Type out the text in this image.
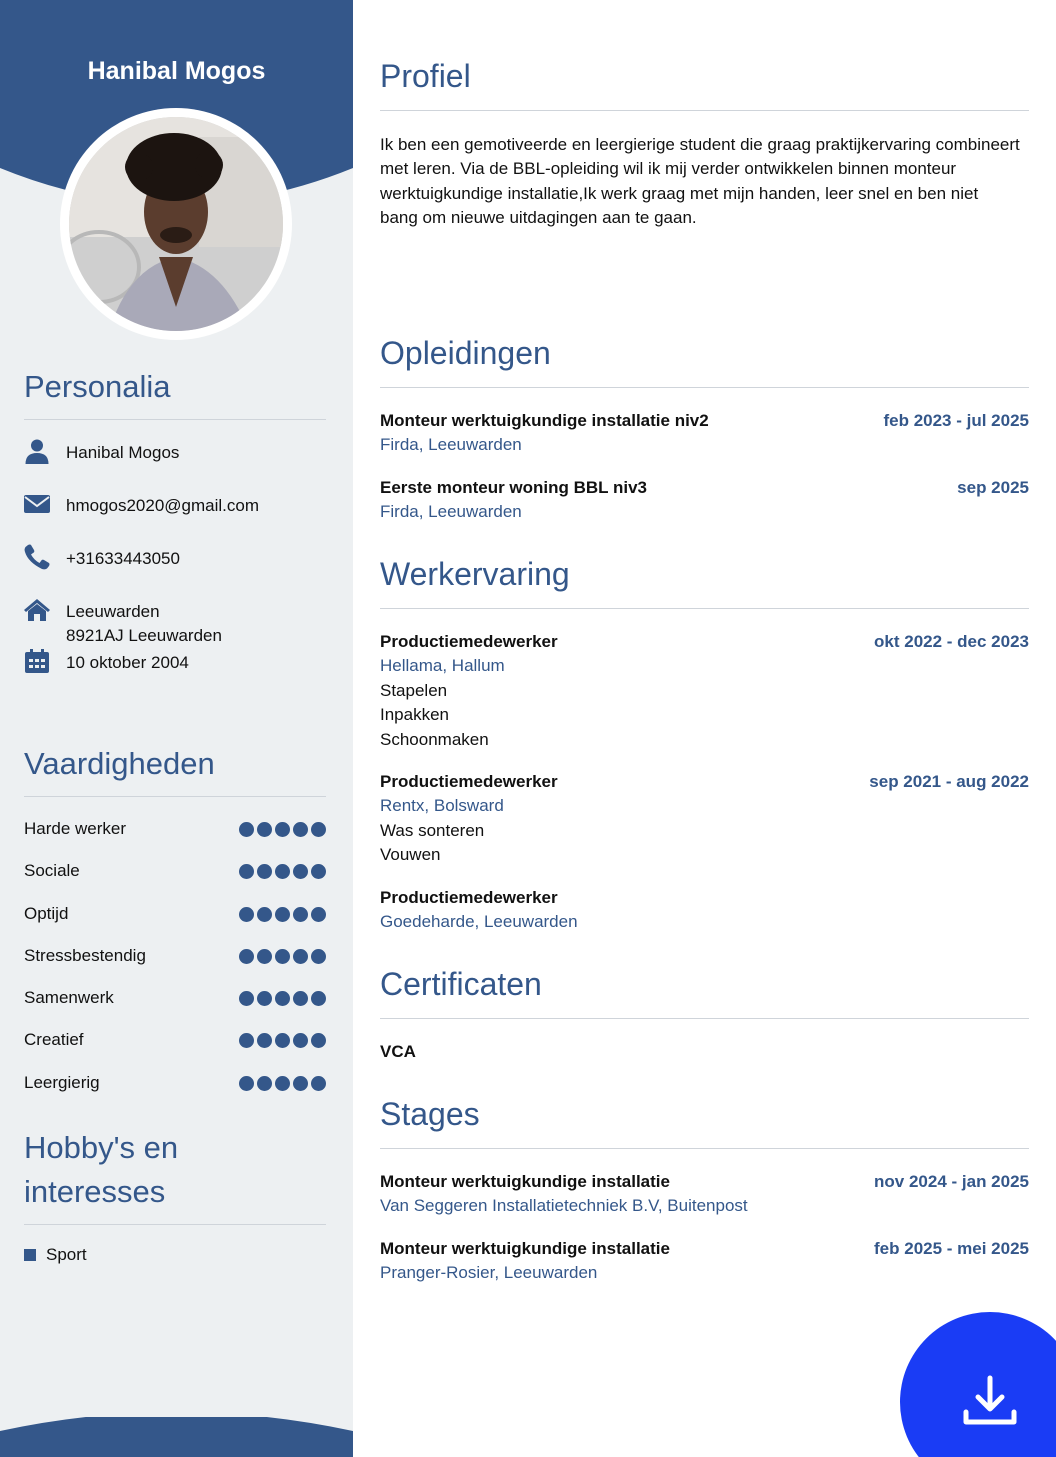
Hanibal Mogos
Personalia
Hanibal Mogos
hmogos2020@gmail.com
+31633443050
Leeuwarden
8921AJ Leeuwarden
10 oktober 2004
Vaardigheden
Harde werker
Sociale
Optijd
Stressbestendig
Samenwerk
Creatief
Leergierig
Hobby's en
interesses
Sport
Profiel

Ik ben een gemotiveerde en leergierige student die graag praktijkervaring combineert met leren. Via de BBL-opleiding wil ik mij verder ontwikkelen binnen monteur werktuigkundige installatie,Ik werk graag met mijn handen, leer snel en ben niet bang om nieuwe uitdagingen aan te gaan.

Opleidingen
Monteur werktuigkundige installatie niv2	feb 2023 - jul 2025
Firda, Leeuwarden
Eerste monteur woning BBL niv3	sep 2025
Firda, Leeuwarden
Werkervaring
Productiemedewerker	okt 2022 - dec 2023
Hellama, Hallum
Stapelen
Inpakken
Schoonmaken
Productiemedewerker	sep 2021 - aug 2022
Rentx, Bolsward
Was sonteren
Vouwen
Productiemedewerker
Goedeharde, Leeuwarden
Certificaten
VCA
Stages
Monteur werktuigkundige installatie	nov 2024 - jan 2025
Van Seggeren Installatietechniek B.V, Buitenpost
Monteur werktuigkundige installatie	feb 2025 - mei 2025
Pranger-Rosier, Leeuwarden
